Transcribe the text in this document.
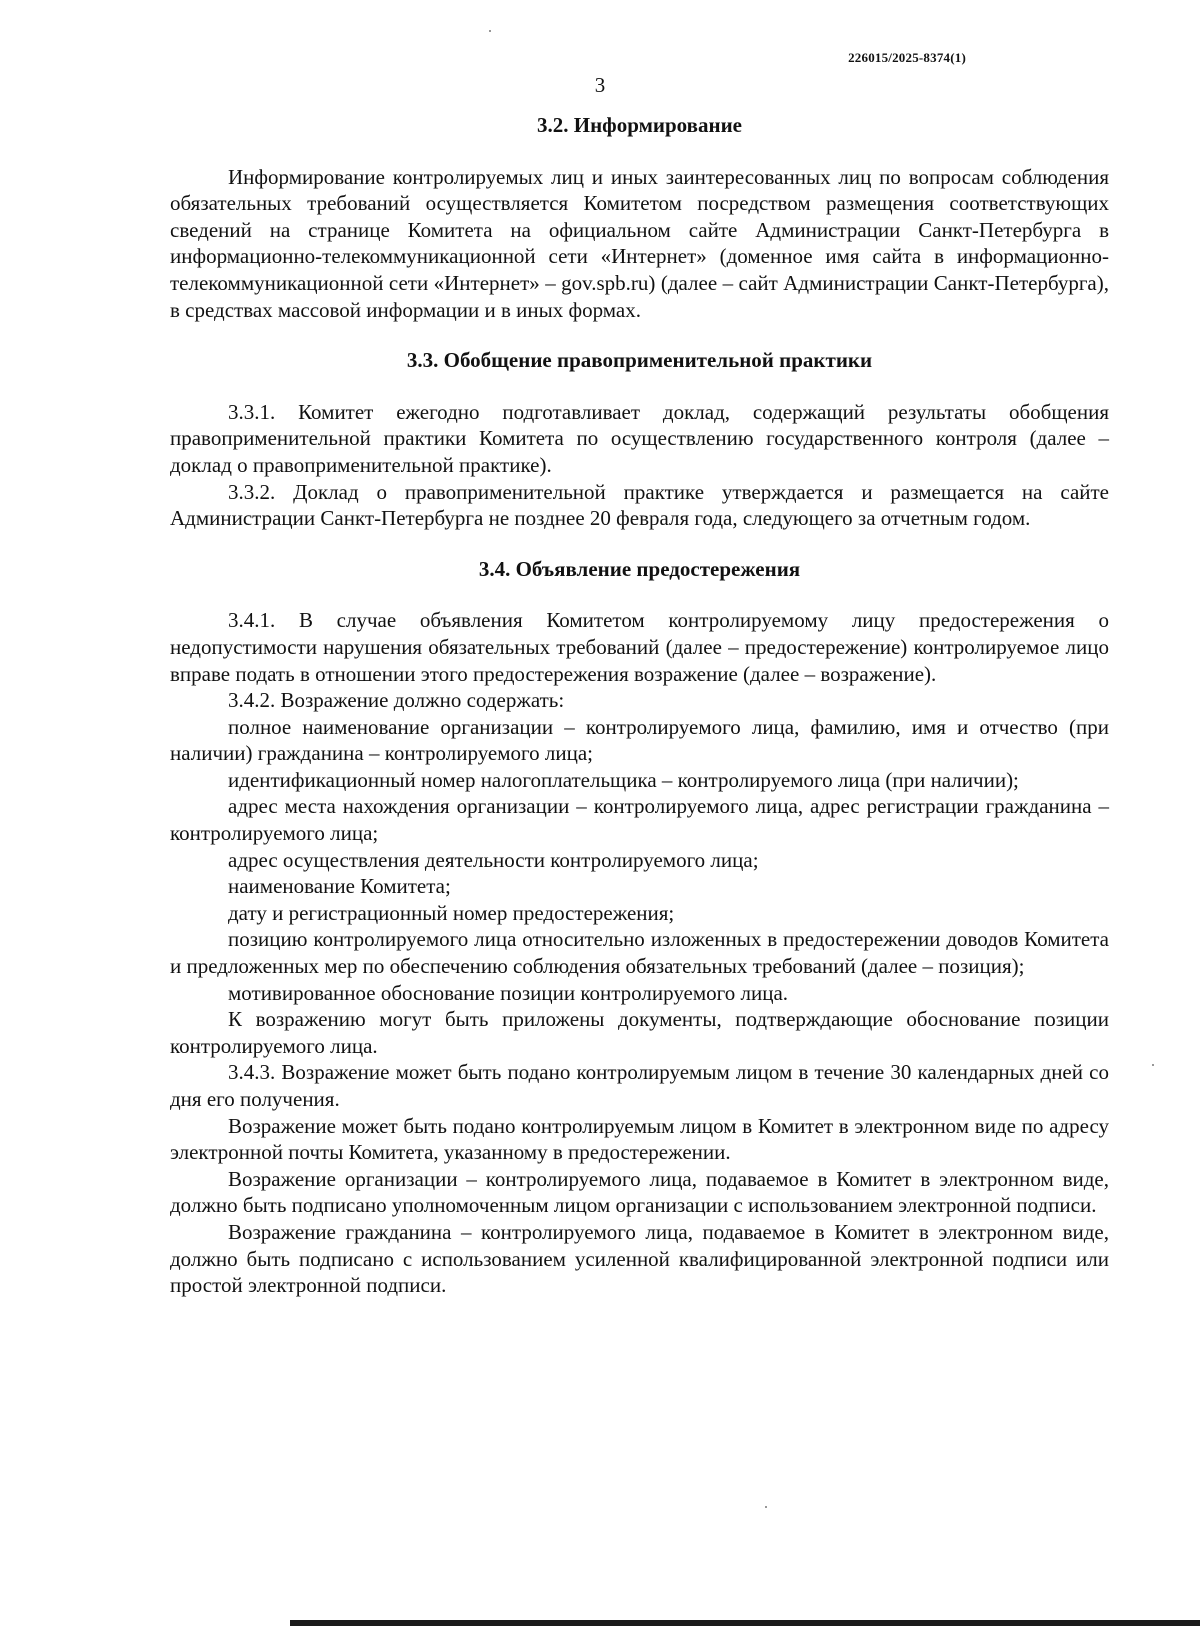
226015/2025-8374(1)
3
3.2. Информирование

Информирование контролируемых лиц и иных заинтересованных лиц по вопросам соблюдения обязательных требований осуществляется Комитетом посредством размещения соответствующих сведений на странице Комитета на официальном сайте Администрации Санкт-Петербурга в информационно-телекоммуникационной сети «Интернет» (доменное имя сайта в информационно-телекоммуникационной сети «Интернет» – gov.spb.ru) (далее – сайт Администрации Санкт-Петербурга), в средствах массовой информации и в иных формах.

3.3. Обобщение правоприменительной практики

3.3.1. Комитет ежегодно подготавливает доклад, содержащий результаты обобщения правоприменительной практики Комитета по осуществлению государственного контроля (далее – доклад о правоприменительной практике).

3.3.2. Доклад о правоприменительной практике утверждается и размещается на сайте Администрации Санкт-Петербурга не позднее 20 февраля года, следующего за отчетным годом.

3.4. Объявление предостережения

3.4.1. В случае объявления Комитетом контролируемому лицу предостережения о недопустимости нарушения обязательных требований (далее – предостережение) контролируемое лицо вправе подать в отношении этого предостережения возражение (далее – возражение).

3.4.2. Возражение должно содержать:

полное наименование организации – контролируемого лица, фамилию, имя и отчество (при наличии) гражданина – контролируемого лица;

идентификационный номер налогоплательщика – контролируемого лица (при наличии);

адрес места нахождения организации – контролируемого лица, адрес регистрации гражданина – контролируемого лица;

адрес осуществления деятельности контролируемого лица;

наименование Комитета;

дату и регистрационный номер предостережения;

позицию контролируемого лица относительно изложенных в предостережении доводов Комитета и предложенных мер по обеспечению соблюдения обязательных требований (далее – позиция);

мотивированное обоснование позиции контролируемого лица.

К возражению могут быть приложены документы, подтверждающие обоснование позиции контролируемого лица.

3.4.3. Возражение может быть подано контролируемым лицом в течение 30 календарных дней со дня его получения.

Возражение может быть подано контролируемым лицом в Комитет в электронном виде по адресу электронной почты Комитета, указанному в предостережении.

Возражение организации – контролируемого лица, подаваемое в Комитет в электронном виде, должно быть подписано уполномоченным лицом организации с использованием электронной подписи.

Возражение гражданина – контролируемого лица, подаваемое в Комитет в электронном виде, должно быть подписано с использованием усиленной квалифицированной электронной подписи или простой электронной подписи.
